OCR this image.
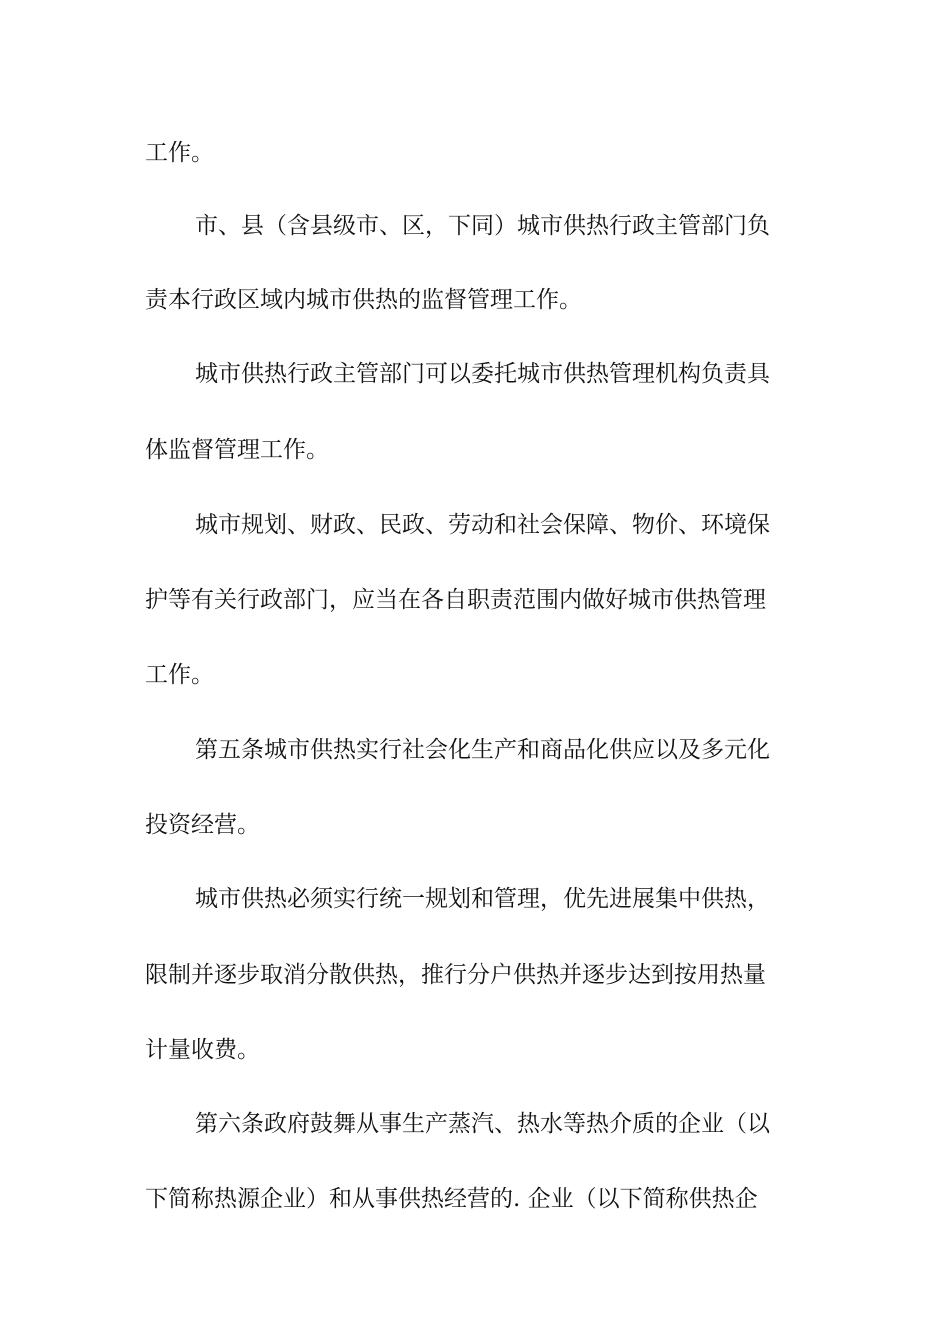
工作。
市、县（含县级市、区，下同）城市供热行政主管部门负
责本行政区域内城市供热的监督管理工作。
城市供热行政主管部门可以委托城市供热管理机构负责具
体监督管理工作。
城市规划、财政、民政、劳动和社会保障、物价、环境保
护等有关行政部门，应当在各自职责范围内做好城市供热管理
工作。
第五条城市供热实行社会化生产和商品化供应以及多元化
投资经营。
城市供热必须实行统一规划和管理，优先进展集中供热，
限制并逐步取消分散供热，推行分户供热并逐步达到按用热量
计量收费。
第六条政府鼓舞从事生产蒸汽、热水等热介质的企业（以
下简称热源企业）和从事供热经营的. 企业（以下简称供热企
